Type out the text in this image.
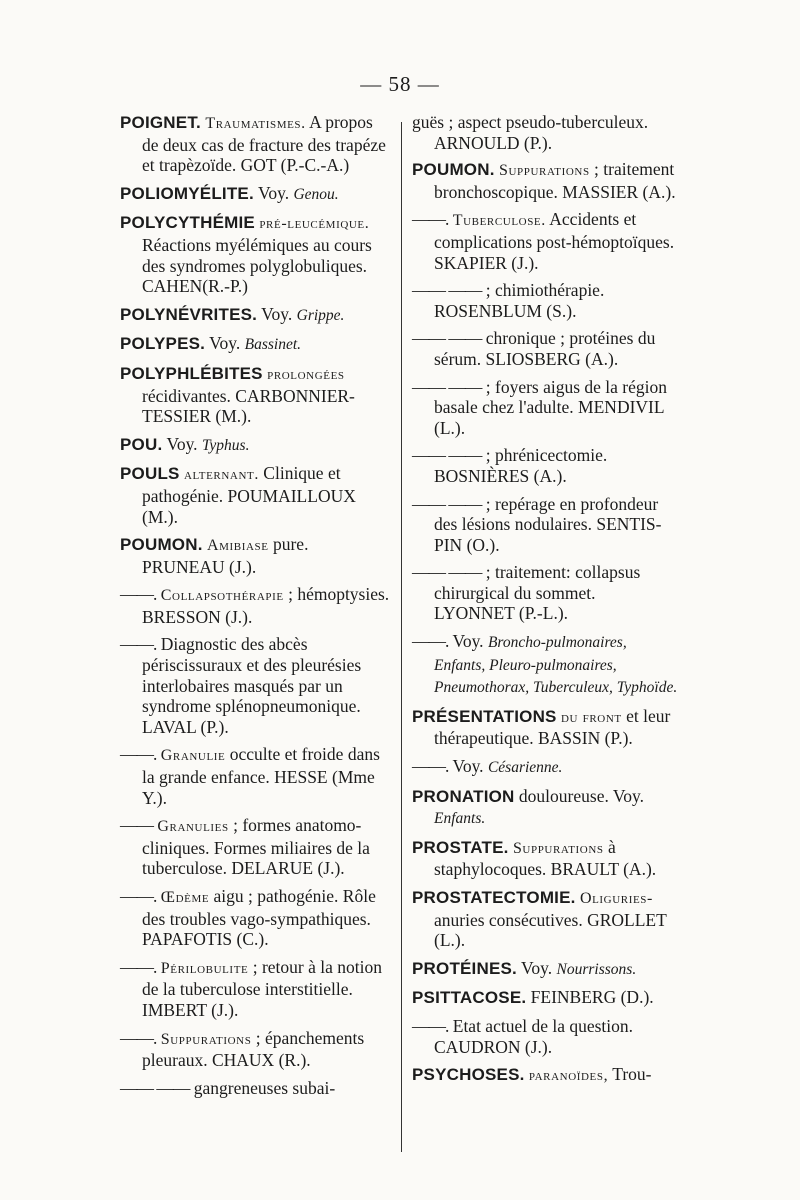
— 58 —
POIGNET. Traumatismes. A propos de deux cas de fracture des trapéze et trapèzoïde. GOT (P.-C.-A.)
POLIOMYÉLITE. Voy. Genou.
POLYCYTHÉMIE pré-leucémique. Réactions myélémiques au cours des syndromes polyglobuliques. CAHEN(R.-P.)
POLYNÉVRITES. Voy. Grippe.
POLYPES. Voy. Bassinet.
POLYPHLÉBITES prolongées récidivantes. CARBONNIER-TESSIER (M.).
POU. Voy. Typhus.
POULS alternant. Clinique et pathogénie. POUMAILLOUX (M.).
POUMON. Amibiase pure. PRUNEAU (J.).
——. Collapsothérapie ; hémoptysies. BRESSON (J.).
——. Diagnostic des abcès périscissuraux et des pleurésies interlobaires masqués par un syndrome splénopneumonique. LAVAL (P.).
——. Granulie occulte et froide dans la grande enfance. HESSE (Mme Y.).
—— Granulies ; formes anatomo-cliniques. Formes miliaires de la tuberculose. DELARUE (J.).
——. Œdème aigu ; pathogénie. Rôle des troubles vago-sympathiques. PAPAFOTIS (C.).
——. Périlobulite ; retour à la notion de la tuberculose interstitielle. IMBERT (J.).
——. Suppurations ; épanchements pleuraux. CHAUX (R.).
—— —— gangreneuses subai-
guës ; aspect pseudo-tuberculeux. ARNOULD (P.).
POUMON. Suppurations ; traitement bronchoscopique. MASSIER (A.).
——. Tuberculose. Accidents et complications post-hémoptoïques. SKAPIER (J.).
—— —— ; chimiothérapie. ROSENBLUM (S.).
—— —— chronique ; protéines du sérum. SLIOSBERG (A.).
—— —— ; foyers aigus de la région basale chez l'adulte. MENDIVIL (L.).
—— —— ; phrénicectomie. BOSNIÈRES (A.).
—— —— ; repérage en profondeur des lésions nodulaires. SENTIS-PIN (O.).
—— —— ; traitement: collapsus chirurgical du sommet. LYONNET (P.-L.).
——. Voy. Broncho-pulmonaires, Enfants, Pleuro-pulmonaires, Pneumothorax, Tuberculeux, Typhoïde.
PRÉSENTATIONS du front et leur thérapeutique. BASSIN (P.).
——. Voy. Césarienne.
PRONATION douloureuse. Voy. Enfants.
PROSTATE. Suppurations à staphylocoques. BRAULT (A.).
PROSTATECTOMIE. Oliguries- anuries consécutives. GROLLET (L.).
PROTÉINES. Voy. Nourrissons.
PSITTACOSE. FEINBERG (D.).
——. Etat actuel de la question. CAUDRON (J.).
PSYCHOSES. paranoïdes, Trou-
